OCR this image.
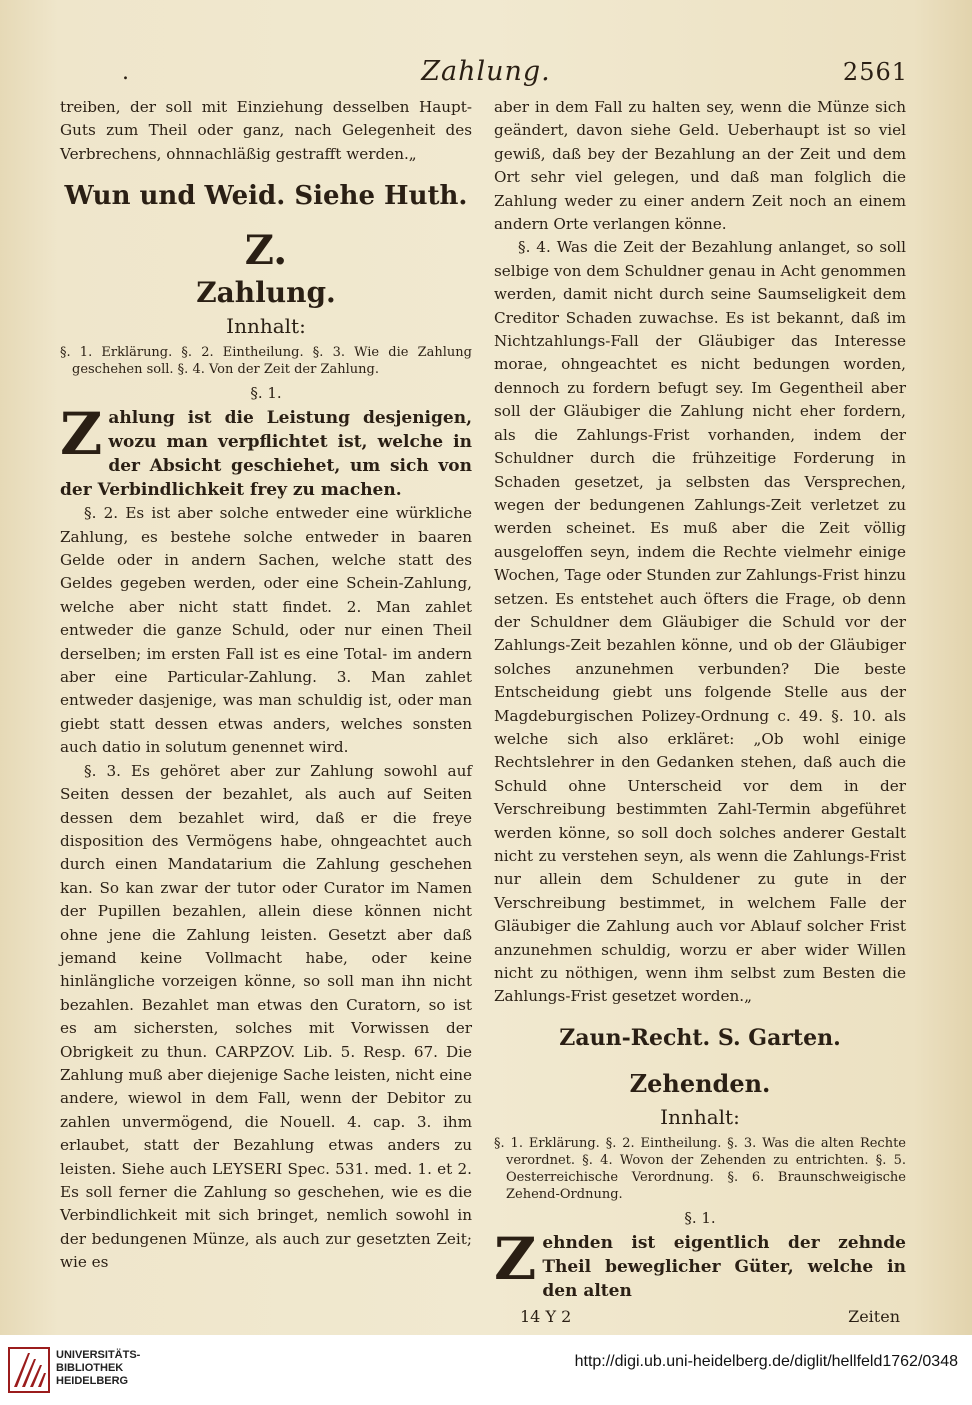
.	Zahlung.	2561

treiben, der soll mit Einziehung desselben Haupt-Guts zum Theil oder ganz, nach Gelegenheit des Verbrechens, ohnnachläßig gestrafft werden.„

Wun und Weid. Siehe Huth.
Z.
Zahlung.
Innhalt:

§. 1. Erklärung. §. 2. Eintheilung. §. 3. Wie die Zahlung geschehen soll. §. 4. Von der Zeit der Zahlung.

§. 1.

Zahlung ist die Leistung desjenigen, wozu man verpflichtet ist, welche in der Absicht geschiehet, um sich von der Verbindlichkeit frey zu machen.

§. 2. Es ist aber solche entweder eine würkliche Zahlung, es bestehe solche entweder in baaren Gelde oder in andern Sachen, welche statt des Geldes gegeben werden, oder eine Schein-Zahlung, welche aber nicht statt findet. 2. Man zahlet entweder die ganze Schuld, oder nur einen Theil derselben; im ersten Fall ist es eine Total- im andern aber eine Particular-Zahlung. 3. Man zahlet entweder dasjenige, was man schuldig ist, oder man giebt statt dessen etwas anders, welches sonsten auch datio in solutum genennet wird.

§. 3. Es gehöret aber zur Zahlung sowohl auf Seiten dessen der bezahlet, als auch auf Seiten dessen dem bezahlet wird, daß er die freye disposition des Vermögens habe, ohngeachtet auch durch einen Mandatarium die Zahlung geschehen kan. So kan zwar der tutor oder Curator im Namen der Pupillen bezahlen, allein diese können nicht ohne jene die Zahlung leisten. Gesetzt aber daß jemand keine Vollmacht habe, oder keine hinlängliche vorzeigen könne, so soll man ihn nicht bezahlen. Bezahlet man etwas den Curatorn, so ist es am sichersten, solches mit Vorwissen der Obrigkeit zu thun. CARPZOV. Lib. 5. Resp. 67. Die Zahlung muß aber diejenige Sache leisten, nicht eine andere, wiewol in dem Fall, wenn der Debitor zu zahlen unvermögend, die Nouell. 4. cap. 3. ihm erlaubet, statt der Bezahlung etwas anders zu leisten. Siehe auch LEYSERI Spec. 531. med. 1. et 2. Es soll ferner die Zahlung so geschehen, wie es die Verbindlichkeit mit sich bringet, nemlich sowohl in der bedungenen Münze, als auch zur gesetzten Zeit; wie es

aber in dem Fall zu halten sey, wenn die Münze sich geändert, davon siehe Geld. Ueberhaupt ist so viel gewiß, daß bey der Bezahlung an der Zeit und dem Ort sehr viel gelegen, und daß man folglich die Zahlung weder zu einer andern Zeit noch an einem andern Orte verlangen könne.

§. 4. Was die Zeit der Bezahlung anlanget, so soll selbige von dem Schuldner genau in Acht genommen werden, damit nicht durch seine Saumseligkeit dem Creditor Schaden zuwachse. Es ist bekannt, daß im Nichtzahlungs-Fall der Gläubiger das Interesse morae, ohngeachtet es nicht bedungen worden, dennoch zu fordern befugt sey. Im Gegentheil aber soll der Gläubiger die Zahlung nicht eher fordern, als die Zahlungs-Frist vorhanden, indem der Schuldner durch die frühzeitige Forderung in Schaden gesetzet, ja selbsten das Versprechen, wegen der bedungenen Zahlungs-Zeit verletzet zu werden scheinet. Es muß aber die Zeit völlig ausgeloffen seyn, indem die Rechte vielmehr einige Wochen, Tage oder Stunden zur Zahlungs-Frist hinzu setzen. Es entstehet auch öfters die Frage, ob denn der Schuldner dem Gläubiger die Schuld vor der Zahlungs-Zeit bezahlen könne, und ob der Gläubiger solches anzunehmen verbunden? Die beste Entscheidung giebt uns folgende Stelle aus der Magdeburgischen Polizey-Ordnung c. 49. §. 10. als welche sich also erkläret: „Ob wohl einige Rechtslehrer in den Gedanken stehen, daß auch die Schuld ohne Unterscheid vor dem in der Verschreibung bestimmten Zahl-Termin abgeführet werden könne, so soll doch solches anderer Gestalt nicht zu verstehen seyn, als wenn die Zahlungs-Frist nur allein dem Schuldener zu gute in der Verschreibung bestimmet, in welchem Falle der Gläubiger die Zahlung auch vor Ablauf solcher Frist anzunehmen schuldig, worzu er aber wider Willen nicht zu nöthigen, wenn ihm selbst zum Besten die Zahlungs-Frist gesetzet worden.„

Zaun-Recht. S. Garten.
Zehenden.
Innhalt:

§. 1. Erklärung. §. 2. Eintheilung. §. 3. Was die alten Rechte verordnet. §. 4. Wovon der Zehenden zu entrichten. §. 5. Oesterreichische Verordnung. §. 6. Braunschweigische Zehend-Ordnung.

§. 1.

Zehnden ist eigentlich der zehnde Theil beweglicher Güter, welche in den alten

14 Y 2	Zeiten
UNIVERSITÄTS-
BIBLIOTHEK
HEIDELBERG
http://digi.ub.uni-heidelberg.de/diglit/hellfeld1762/0348
